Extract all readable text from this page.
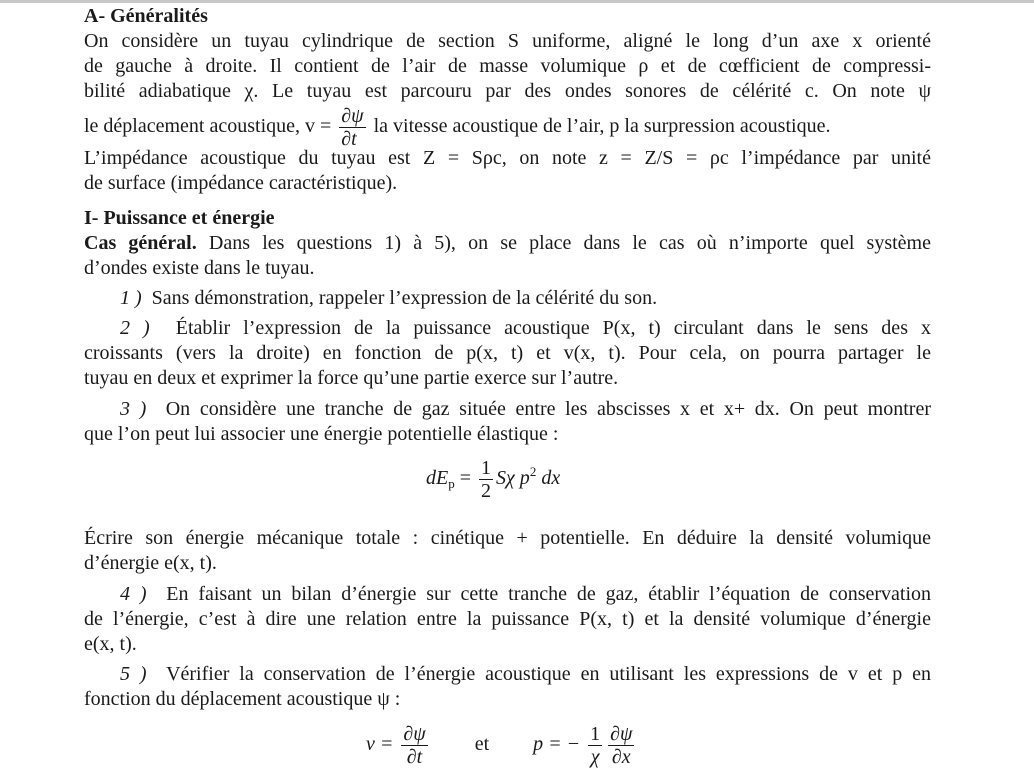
A- Généralités
On considère un tuyau cylindrique de section S uniforme, aligné le long d’un axe x orienté
de gauche à droite. Il contient de l’air de masse volumique ρ et de cœfficient de compressi-
bilité adiabatique χ. Le tuyau est parcouru par des ondes sonores de célérité c. On note ψ
le déplacement acoustique, $v = \frac{\partial\psi}{\partial t}$ la vitesse acoustique de l’air, p la surpression acoustique.
L’impédance acoustique du tuyau est Z = Sρc, on note z = Z/S = ρc l’impédance par unité
de surface (impédance caractéristique).
I- Puissance et énergie
Cas général. Dans les questions 1) à 5), on se place dans le cas où n’importe quel système
d’ondes existe dans le tuyau.
1 ) Sans démonstration, rappeler l’expression de la célérité du son.
2 ) Établir l’expression de la puissance acoustique P(x, t) circulant dans le sens des x
croissants (vers la droite) en fonction de p(x, t) et v(x, t). Pour cela, on pourra partager le
tuyau en deux et exprimer la force qu’une partie exerce sur l’autre.
3 ) On considère une tranche de gaz située entre les abscisses x et x+ dx. On peut montrer
que l’on peut lui associer une énergie potentielle élastique :
$dE_p = \frac{1}{2}$ Sχ $p^2$ dx
Écrire son énergie mécanique totale : cinétique + potentielle. En déduire la densité volumique
d’énergie e(x, t).
4 ) En faisant un bilan d’énergie sur cette tranche de gaz, établir l’équation de conservation
de l’énergie, c’est à dire une relation entre la puissance P(x, t) et la densité volumique d’énergie
e(x, t).
5 ) Vérifier la conservation de l’énergie acoustique en utilisant les expressions de v et p en
fonction du déplacement acoustique ψ :
$v = \frac{\partial\psi}{\partial t}$ et p = − $\frac{1}{\chi} \frac{\partial\psi}{\partial x}$
